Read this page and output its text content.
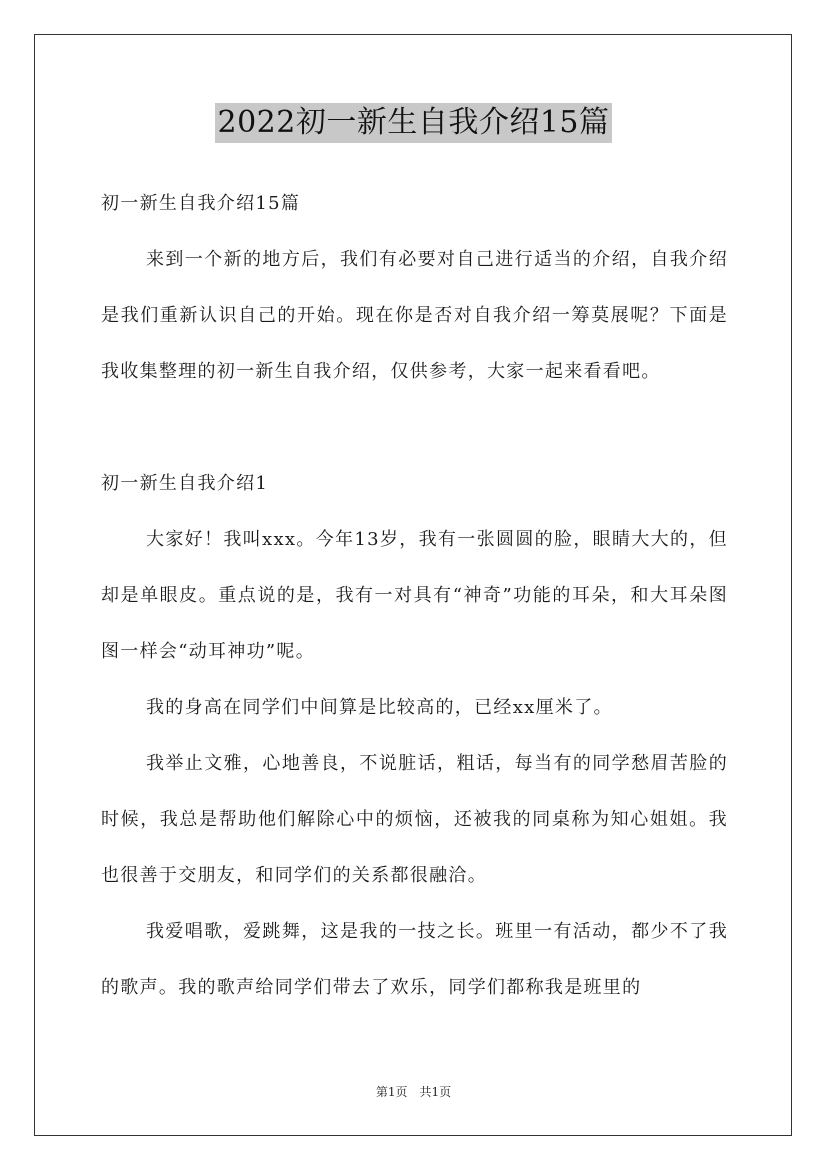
2022初一新生自我介绍15篇

初一新生自我介绍15篇

来到一个新的地方后，我们有必要对自己进行适当的介绍，自我介绍是我们重新认识自己的开始。现在你是否对自我介绍一筹莫展呢？下面是我收集整理的初一新生自我介绍，仅供参考，大家一起来看看吧。

初一新生自我介绍1

大家好！我叫xxx。今年13岁，我有一张圆圆的脸，眼睛大大的，但却是单眼皮。重点说的是，我有一对具有“神奇”功能的耳朵，和大耳朵图图一样会“动耳神功”呢。

我的身高在同学们中间算是比较高的，已经xx厘米了。

我举止文雅，心地善良，不说脏话，粗话，每当有的同学愁眉苦脸的时候，我总是帮助他们解除心中的烦恼，还被我的同桌称为知心姐姐。我也很善于交朋友，和同学们的关系都很融洽。

我爱唱歌，爱跳舞，这是我的一技之长。班里一有活动，都少不了我的歌声。我的歌声给同学们带去了欢乐，同学们都称我是班里的

第1页　共1页
